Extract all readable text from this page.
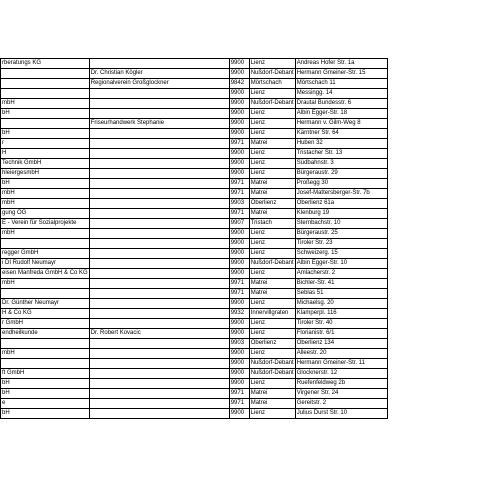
rberatungs KG		9900	Lienz	Andreas Hofer Str. 1a
	Dr. Christian Kögler	9900	Nußdorf-Debant	Hermann Gmeiner-Str. 15
	Regionalverein Großglockner	9842	Mörtschach	Mörtschach 11
		9900	Lienz	Messingg. 14
mbH		9900	Nußdorf-Debant	Drautal Bundesstr. 6
bH		9900	Lienz	Albin Egger-Str. 18
	Friseurhandwerk Stephanie	9900	Lienz	Hermann v. Gilm-Weg 8
bH		9900	Lienz	Kärntner Str. 64
r		9971	Matrei	Huben 32
H		9900	Lienz	Tristacher Str. 13
Technik GmbH		9900	Lienz	Südbahnstr. 3
hleiergesmbH		9900	Lienz	Bürgeraustr. 29
bH		9971	Matrei	Proßegg 30
mbH		9971	Matrei	Josef-Mattersberger-Str. 7b
mbH		9903	Oberlienz	Oberlienz 61a
gung OG		9971	Matrei	Klenburg 19
E - Verein für Sozialprojekte		9907	Tristach	Sternbachstr. 10
mbH		9900	Lienz	Bürgeraustr. 25
		9900	Lienz	Tiroler Str. 23
regger GmbH		9900	Lienz	Schweizerg. 15
i DI Rudolf Neumayr		9900	Nußdorf-Debant	Albin Egger-Str. 10
eisen Manfreda GmbH & Co KG		9900	Lienz	Amlacherstr. 2
mbH		9971	Matrei	Bichler-Str. 41
		9971	Matrei	Seblas 51
Dr. Günther Neumayr		9900	Lienz	Michaelsg. 20
H & Co KG		9932	Innervillgraten	Klamperpl. 116
r GmbH		9900	Lienz	Tiroler Str. 40
endheilkunde	Dr. Robert Kovacic	9900	Lienz	Florianistr. 6/1
		9903	Oberlienz	Oberlienz 134
mbH		9900	Lienz	Alleestr. 20
		9900	Nußdorf-Debant	Hermann Gmeiner-Str. 11
ft GmbH		9900	Nußdorf-Debant	Glocknerstr. 12
bH		9900	Lienz	Ruefenfeldweg 2b
bH		9971	Matrei	Virgener Str. 24
e		9971	Matrei	Gereitstr. 2
bH		9900	Lienz	Julius Durst Str. 10
